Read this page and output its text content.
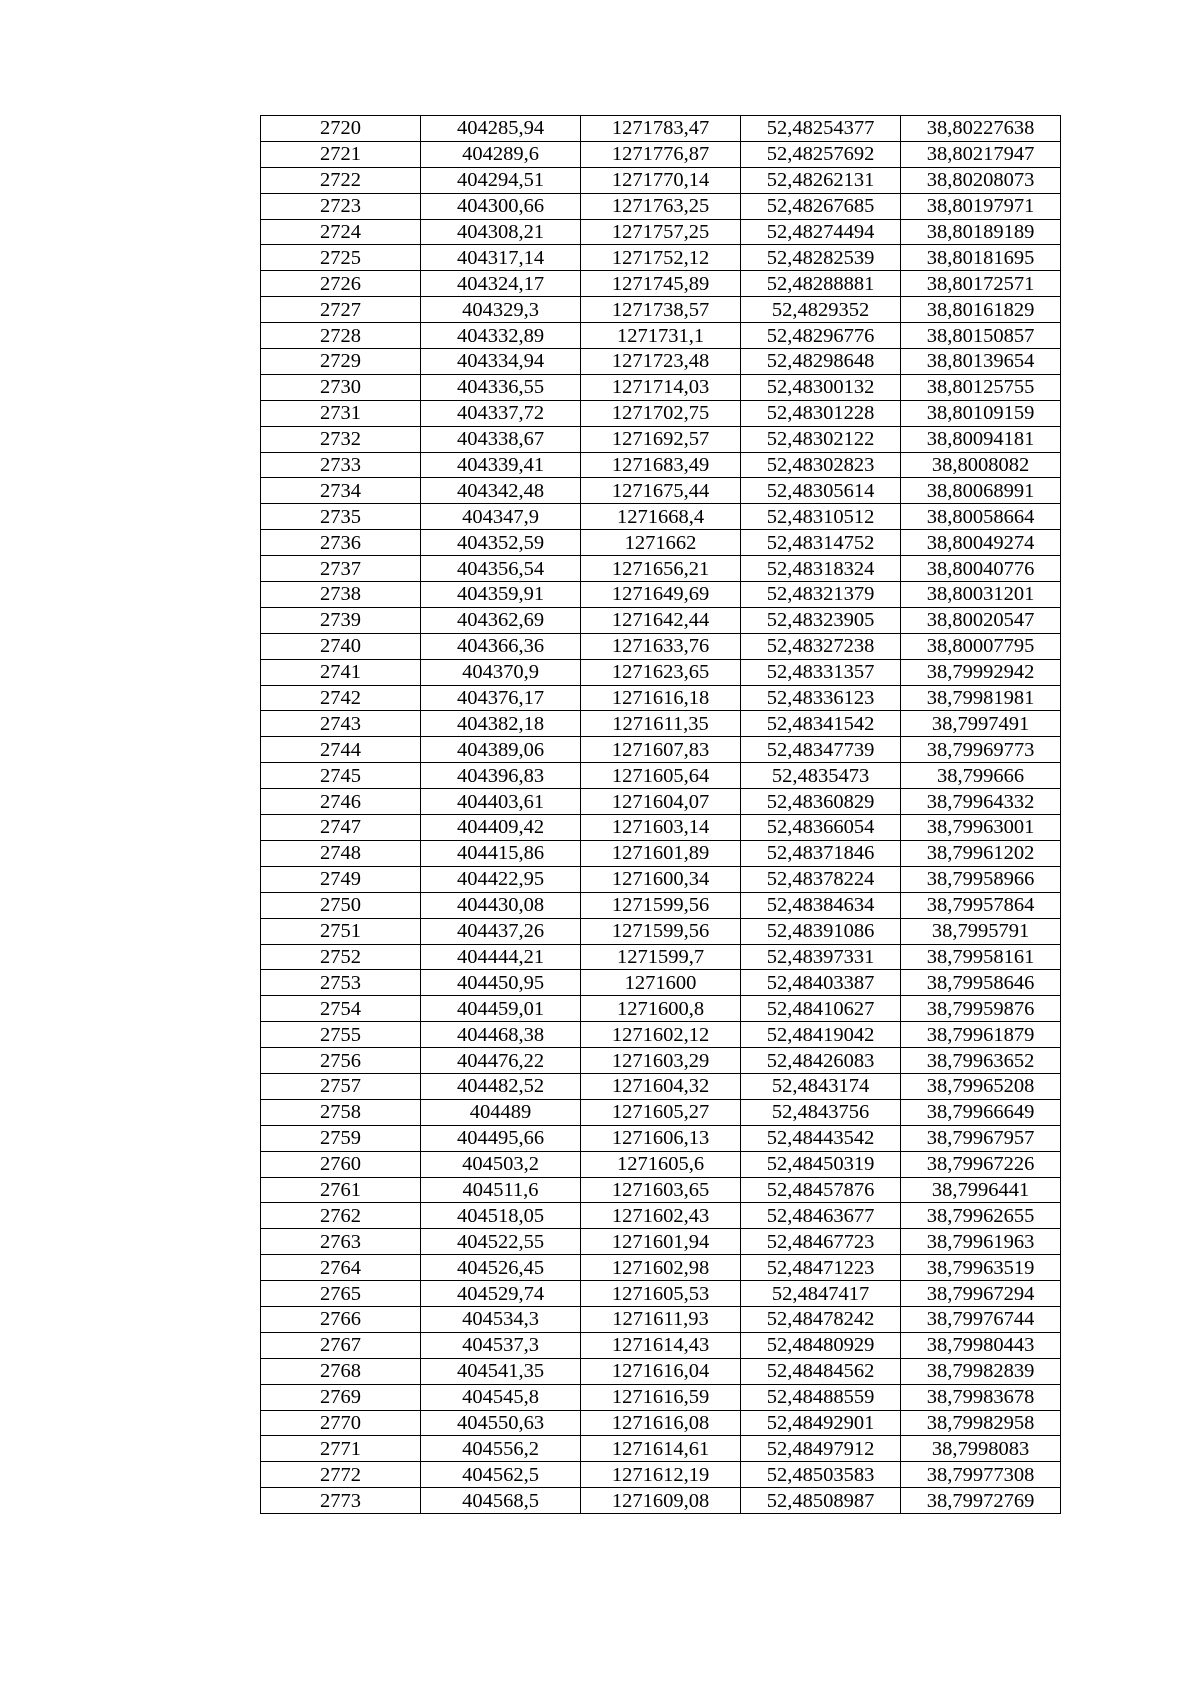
2720	404285,94	1271783,47	52,48254377	38,80227638
2721	404289,6	1271776,87	52,48257692	38,80217947
2722	404294,51	1271770,14	52,48262131	38,80208073
2723	404300,66	1271763,25	52,48267685	38,80197971
2724	404308,21	1271757,25	52,48274494	38,80189189
2725	404317,14	1271752,12	52,48282539	38,80181695
2726	404324,17	1271745,89	52,48288881	38,80172571
2727	404329,3	1271738,57	52,4829352	38,80161829
2728	404332,89	1271731,1	52,48296776	38,80150857
2729	404334,94	1271723,48	52,48298648	38,80139654
2730	404336,55	1271714,03	52,48300132	38,80125755
2731	404337,72	1271702,75	52,48301228	38,80109159
2732	404338,67	1271692,57	52,48302122	38,80094181
2733	404339,41	1271683,49	52,48302823	38,8008082
2734	404342,48	1271675,44	52,48305614	38,80068991
2735	404347,9	1271668,4	52,48310512	38,80058664
2736	404352,59	1271662	52,48314752	38,80049274
2737	404356,54	1271656,21	52,48318324	38,80040776
2738	404359,91	1271649,69	52,48321379	38,80031201
2739	404362,69	1271642,44	52,48323905	38,80020547
2740	404366,36	1271633,76	52,48327238	38,80007795
2741	404370,9	1271623,65	52,48331357	38,79992942
2742	404376,17	1271616,18	52,48336123	38,79981981
2743	404382,18	1271611,35	52,48341542	38,7997491
2744	404389,06	1271607,83	52,48347739	38,79969773
2745	404396,83	1271605,64	52,4835473	38,799666
2746	404403,61	1271604,07	52,48360829	38,79964332
2747	404409,42	1271603,14	52,48366054	38,79963001
2748	404415,86	1271601,89	52,48371846	38,79961202
2749	404422,95	1271600,34	52,48378224	38,79958966
2750	404430,08	1271599,56	52,48384634	38,79957864
2751	404437,26	1271599,56	52,48391086	38,7995791
2752	404444,21	1271599,7	52,48397331	38,79958161
2753	404450,95	1271600	52,48403387	38,79958646
2754	404459,01	1271600,8	52,48410627	38,79959876
2755	404468,38	1271602,12	52,48419042	38,79961879
2756	404476,22	1271603,29	52,48426083	38,79963652
2757	404482,52	1271604,32	52,4843174	38,79965208
2758	404489	1271605,27	52,4843756	38,79966649
2759	404495,66	1271606,13	52,48443542	38,79967957
2760	404503,2	1271605,6	52,48450319	38,79967226
2761	404511,6	1271603,65	52,48457876	38,7996441
2762	404518,05	1271602,43	52,48463677	38,79962655
2763	404522,55	1271601,94	52,48467723	38,79961963
2764	404526,45	1271602,98	52,48471223	38,79963519
2765	404529,74	1271605,53	52,4847417	38,79967294
2766	404534,3	1271611,93	52,48478242	38,79976744
2767	404537,3	1271614,43	52,48480929	38,79980443
2768	404541,35	1271616,04	52,48484562	38,79982839
2769	404545,8	1271616,59	52,48488559	38,79983678
2770	404550,63	1271616,08	52,48492901	38,79982958
2771	404556,2	1271614,61	52,48497912	38,7998083
2772	404562,5	1271612,19	52,48503583	38,79977308
2773	404568,5	1271609,08	52,48508987	38,79972769
